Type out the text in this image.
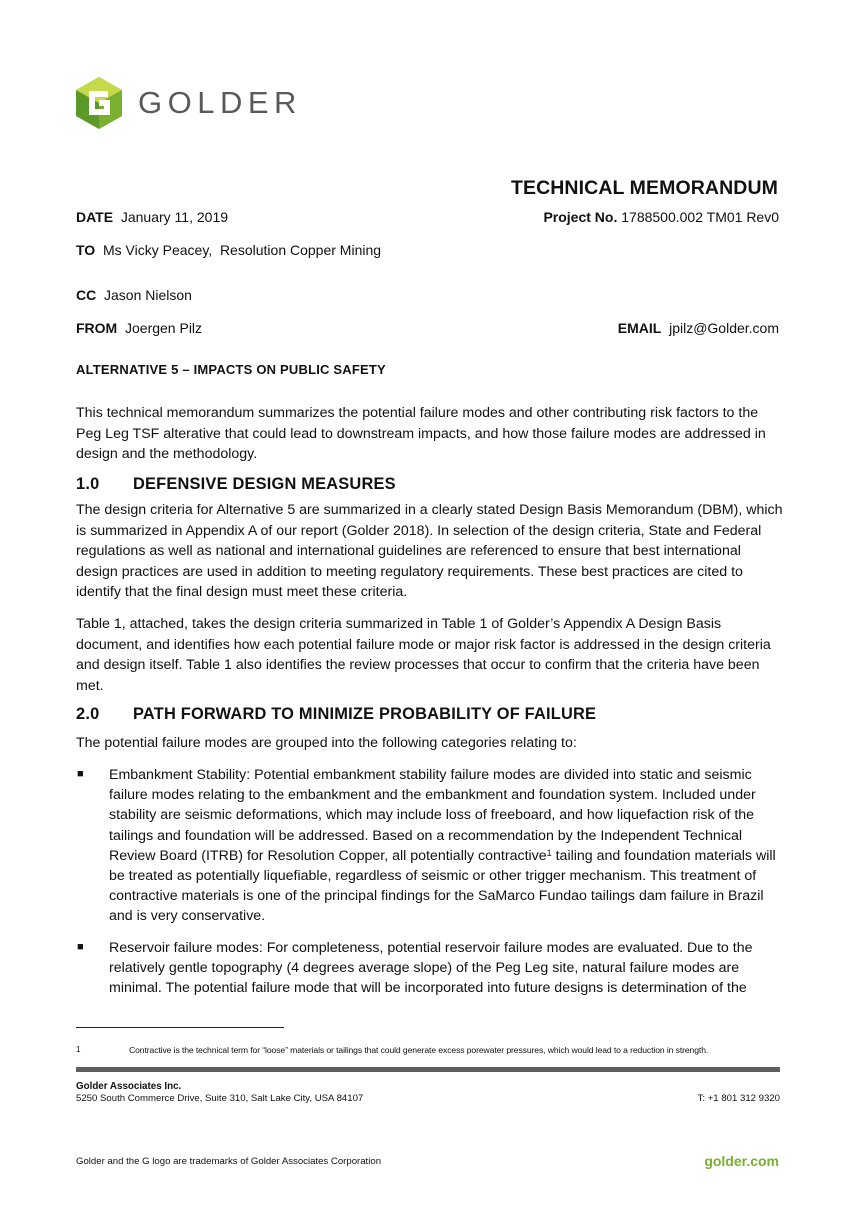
GOLDER
TECHNICAL MEMORANDUM
DATE January 11, 2019	Project No. 1788500.002 TM01 Rev0
TO Ms Vicky Peacey,  Resolution Copper Mining
CC Jason Nielson
FROM Joergen Pilz	EMAIL jpilz@Golder.com
ALTERNATIVE 5 – IMPACTS ON PUBLIC SAFETY
This technical memorandum summarizes the potential failure modes and other contributing risk factors to the Peg Leg TSF alterative that could lead to downstream impacts, and how those failure modes are addressed in design and the methodology.
1.0 DEFENSIVE DESIGN MEASURES
The design criteria for Alternative 5 are summarized in a clearly stated Design Basis Memorandum (DBM), which is summarized in Appendix A of our report (Golder 2018). In selection of the design criteria, State and Federal regulations as well as national and international guidelines are referenced to ensure that best international design practices are used in addition to meeting regulatory requirements. These best practices are cited to identify that the final design must meet these criteria.
Table 1, attached, takes the design criteria summarized in Table 1 of Golder’s Appendix A Design Basis document, and identifies how each potential failure mode or major risk factor is addressed in the design criteria and design itself. Table 1 also identifies the review processes that occur to confirm that the criteria have been met.
2.0 PATH FORWARD TO MINIMIZE PROBABILITY OF FAILURE
The potential failure modes are grouped into the following categories relating to:
■ Embankment Stability: Potential embankment stability failure modes are divided into static and seismic failure modes relating to the embankment and the embankment and foundation system. Included under stability are seismic deformations, which may include loss of freeboard, and how liquefaction risk of the tailings and foundation will be addressed. Based on a recommendation by the Independent Technical Review Board (ITRB) for Resolution Copper, all potentially contractive$^1$ tailing and foundation materials will be treated as potentially liquefiable, regardless of seismic or other trigger mechanism. This treatment of contractive materials is one of the principal findings for the SaMarco Fundao tailings dam failure in Brazil and is very conservative.
■ Reservoir failure modes: For completeness, potential reservoir failure modes are evaluated. Due to the relatively gentle topography (4 degrees average slope) of the Peg Leg site, natural failure modes are minimal. The potential failure mode that will be incorporated into future designs is determination of the
1	Contractive is the technical term for “loose” materials or tailings that could generate excess porewater pressures, which would lead to a reduction in strength.
Golder Associates Inc.
5250 South Commerce Drive, Suite 310, Salt Lake City, USA 84107	T: +1 801 312 9320
Golder and the G logo are trademarks of Golder Associates Corporation	golder.com
